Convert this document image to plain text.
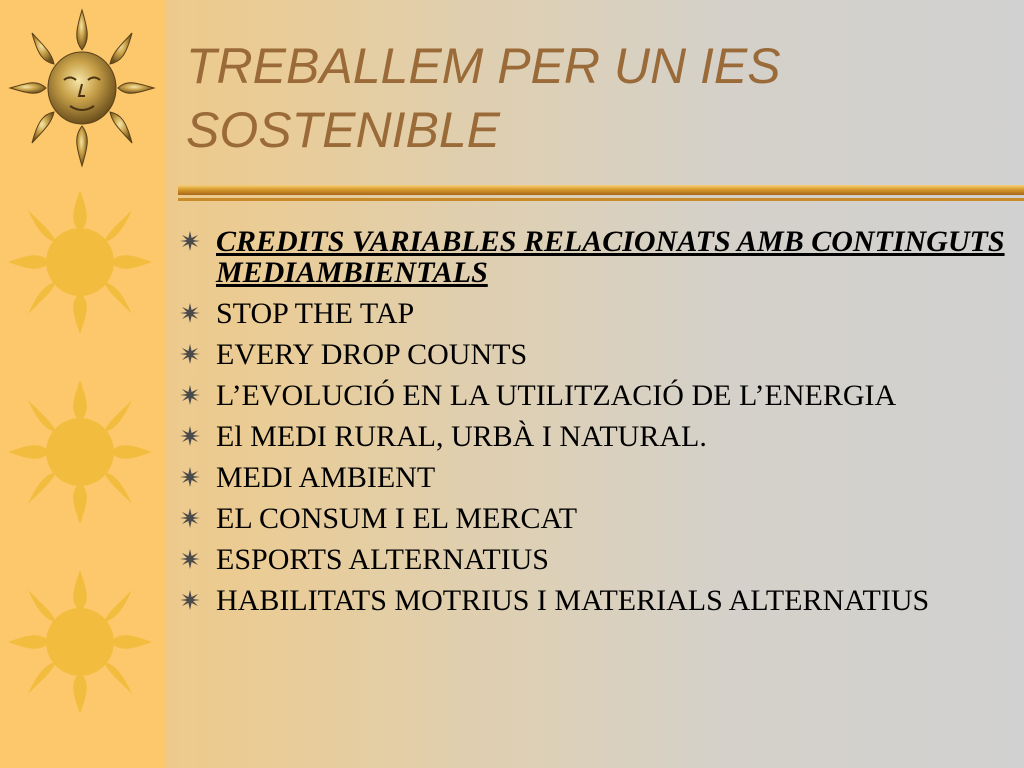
TREBALLEM PER UN IES SOSTENIBLE
CREDITS VARIABLES RELACIONATS AMB CONTINGUTS MEDIAMBIENTALS
STOP THE TAP
EVERY DROP COUNTS
L’EVOLUCIÓ EN LA UTILITZACIÓ DE L’ENERGIA
El MEDI RURAL, URBÀ I NATURAL.
MEDI AMBIENT
EL CONSUM I EL MERCAT
ESPORTS ALTERNATIUS
HABILITATS MOTRIUS I MATERIALS ALTERNATIUS
